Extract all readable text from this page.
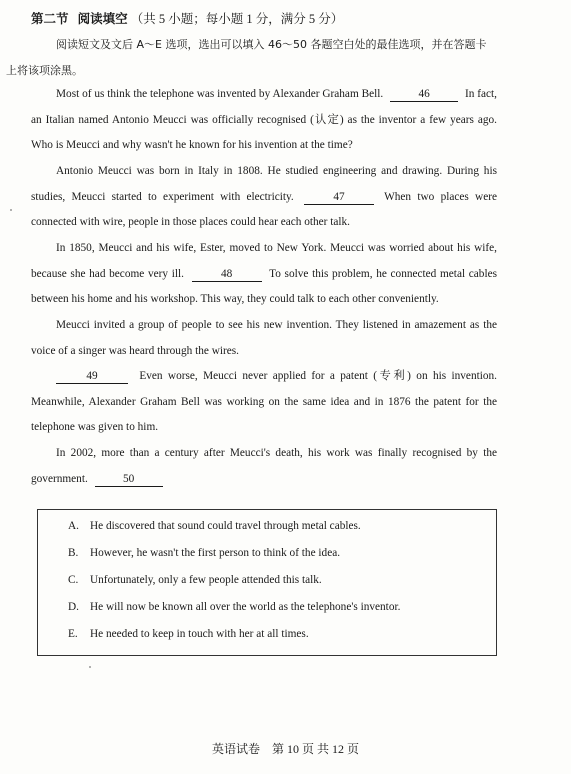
第二节 阅读填空 （共 5 小题；每小题 1 分，满分 5 分）
阅读短文及文后 A～E 选项，选出可以填入 46～50 各题空白处的最佳选项，并在答题卡
上将该项涂黑。
Most of us think the telephone was invented by Alexander Graham Bell.	46	In fact, an Italian named Antonio Meucci was officially recognised (认定) as the inventor a few years ago. Who is Meucci and why wasn't he known for his invention at the time?
Antonio Meucci was born in Italy in 1808. He studied engineering and drawing. During his studies, Meucci started to experiment with electricity.	47	When two places were connected with wire, people in those places could hear each other talk.
In 1850, Meucci and his wife, Ester, moved to New York. Meucci was worried about his wife, because she had become very ill.	48	To solve this problem, he connected metal cables between his home and his workshop. This way, they could talk to each other conveniently.
Meucci invited a group of people to see his new invention. They listened in amazement as the voice of a singer was heard through the wires.
49	Even worse, Meucci never applied for a patent (专利) on his invention. Meanwhile, Alexander Graham Bell was working on the same idea and in 1876 the patent for the telephone was given to him.
In 2002, more than a century after Meucci's death, his work was finally recognised by the government.	50
A. He discovered that sound could travel through metal cables.
B. However, he wasn't the first person to think of the idea.
C. Unfortunately, only a few people attended this talk.
D. He will now be known all over the world as the telephone's inventor.
E. He needed to keep in touch with her at all times.
英语试卷　第 10 页 共 12 页
